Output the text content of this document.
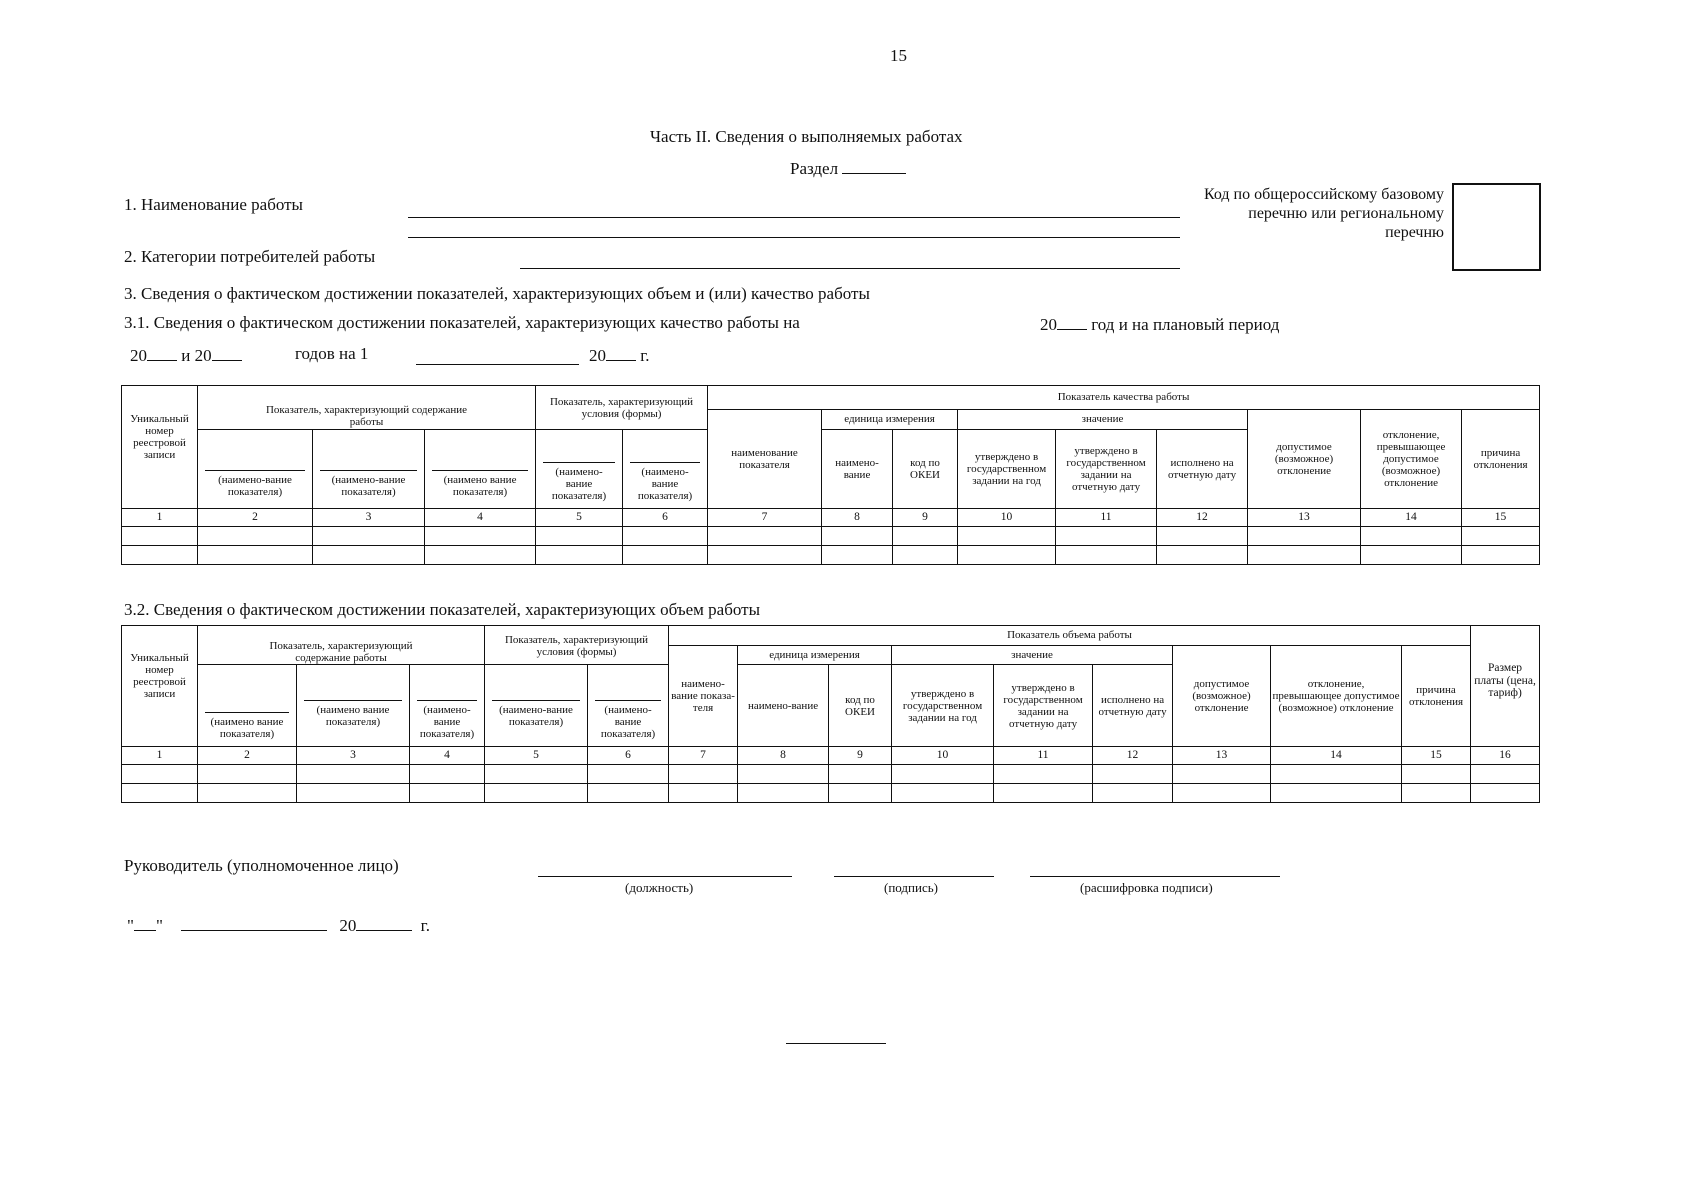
15
Часть II. Сведения о выполняемых работах
Раздел
1. Наименование работы
Код по общероссийскому базовому
перечню или региональному
перечню
2. Категории потребителей работы
3. Сведения о фактическом достижении показателей, характеризующих объем и (или) качество работы
3.1. Сведения о фактическом достижении показателей, характеризующих качество работы на	20 год и на плановый период
20 и 20	годов на 1	20 г.
Уникальный номер реестровой записи	Показатель, характеризующий содержание работы			Показатель, характеризующий условия (формы)		Показатель качества работы								
						наименование показателя	единица измерения		значение			допустимое (возможное) отклонение	отклонение, превышающее допустимое (возможное) отклонение	причина отклонения

	(наимено-вание показателя)	(наимено-вание показателя)	(наимено вание показателя)	(наимено-вание показателя)	(наимено-вание показателя)		наимено-вание	код по ОКЕИ	утверждено в государственном задании на год	утверждено в государственном задании на отчетную дату	исполнено на отчетную дату			
1	2	3	4	5	6	7	8	9	10	11	12	13	14	15

3.2. Сведения о фактическом достижении показателей, характеризующих объем работы
Уникальный номер реестровой записи	Показатель, характеризующий содержание работы			Показатель, характеризующий условия (формы)		Показатель объема работы									Размер платы (цена, тариф)
						наимено-вание показа-теля	единица измерения		значение			допустимое (возможное) отклонение	отклонение, превышающее допустимое (возможное) отклонение	причина отклонения	

	(наимено вание показателя)	(наимено вание показателя)	(наимено-вание показателя)	(наимено-вание показателя)	(наимено-вание показателя)		наимено-вание	код по ОКЕИ	утверждено в государственном задании на год	утверждено в государственном задании на отчетную дату	исполнено на отчетную дату				
1	2	3	4	5	6	7	8	9	10	11	12	13	14	15	16

Руководитель (уполномоченное лицо)
(должность)	(подпись)	(расшифровка подписи)
" "	20	г.
